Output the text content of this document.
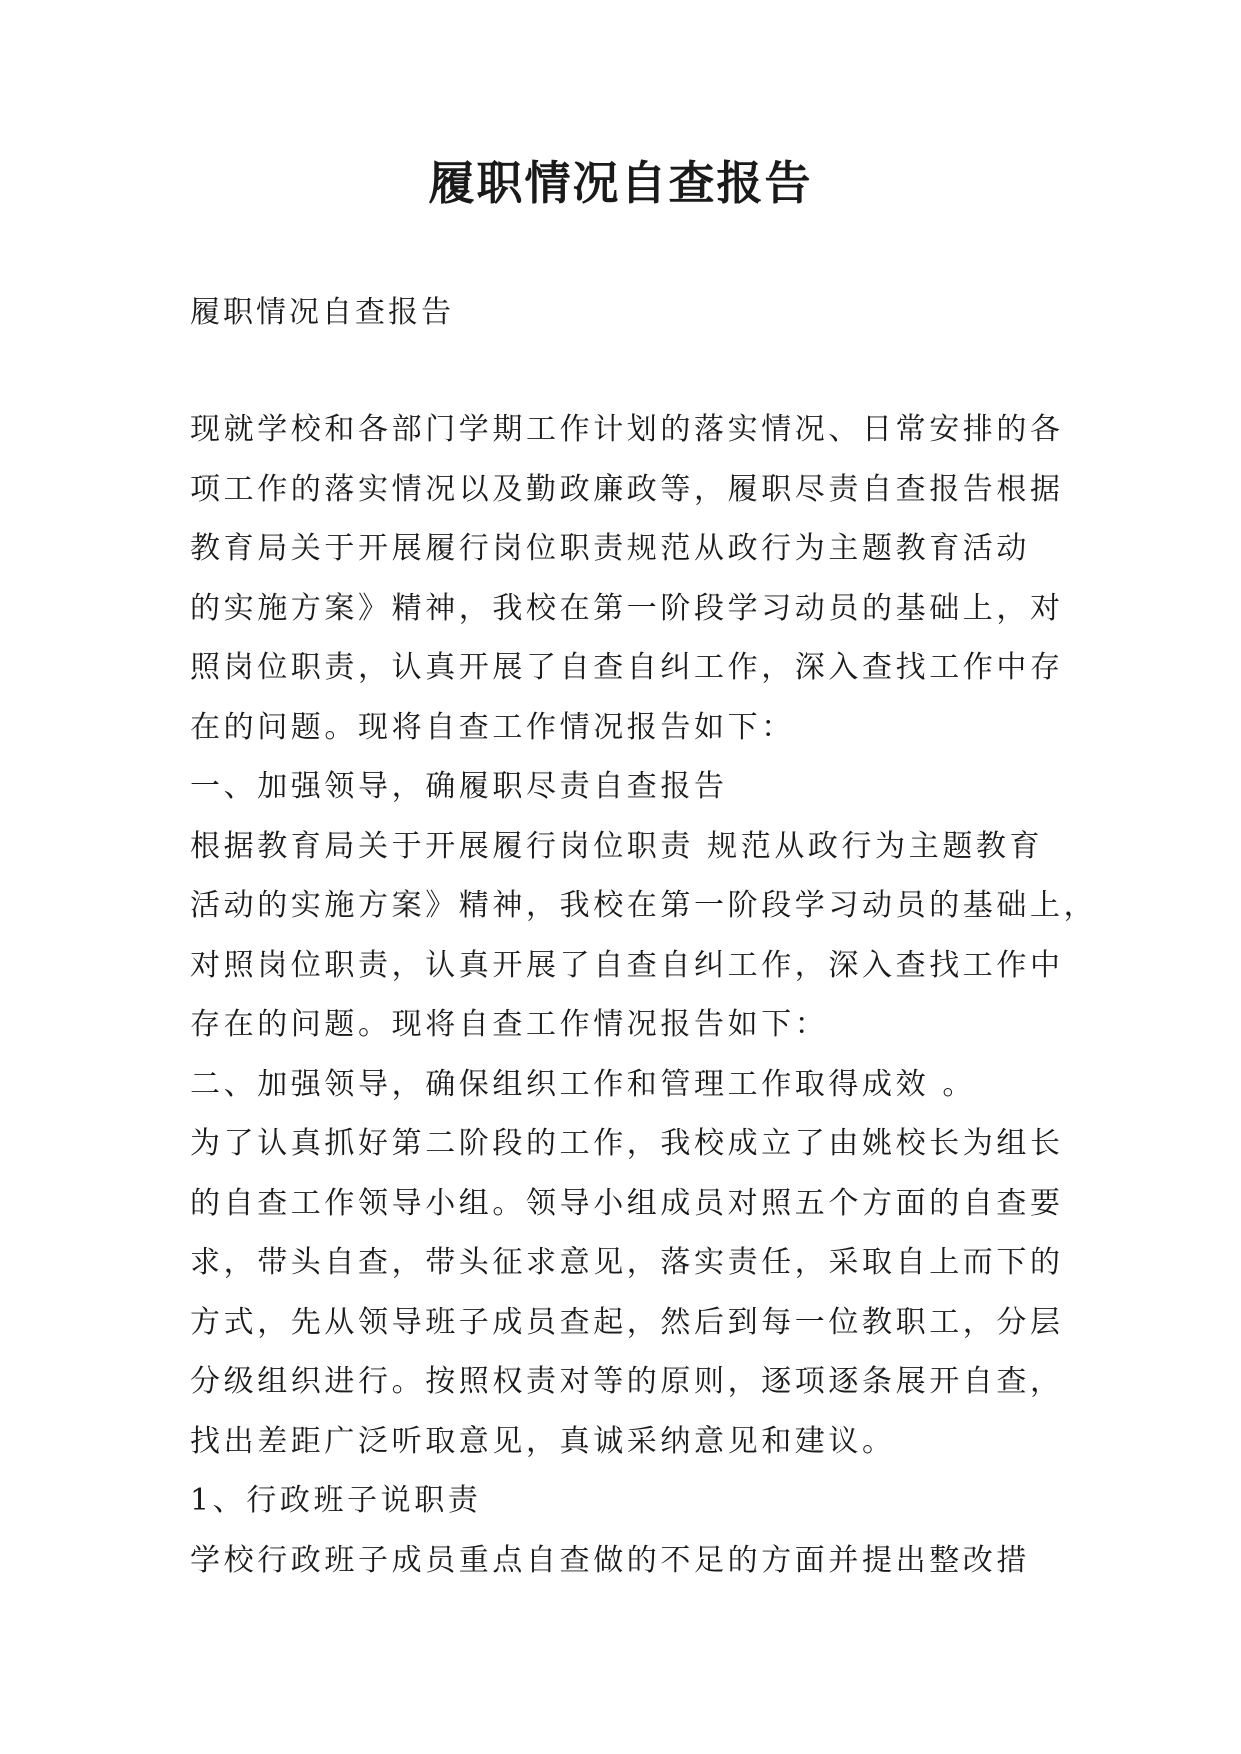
履职情况自查报告

履职情况自查报告

现就学校和各部门学期工作计划的落实情况、日常安排的各
项工作的落实情况以及勤政廉政等，履职尽责自查报告根据
教育局关于开展履行岗位职责规范从政行为主题教育活动
的实施方案》精神，我校在第一阶段学习动员的基础上，对
照岗位职责，认真开展了自查自纠工作，深入查找工作中存
在的问题。现将自查工作情况报告如下：
一、加强领导，确履职尽责自查报告
根据教育局关于开展履行岗位职责 规范从政行为主题教育
活动的实施方案》精神，我校在第一阶段学习动员的基础上，
对照岗位职责，认真开展了自查自纠工作，深入查找工作中
存在的问题。现将自查工作情况报告如下：
二、加强领导，确保组织工作和管理工作取得成效 。
为了认真抓好第二阶段的工作，我校成立了由姚校长为组长
的自查工作领导小组。领导小组成员对照五个方面的自查要
求，带头自查，带头征求意见，落实责任，采取自上而下的
方式，先从领导班子成员查起，然后到每一位教职工，分层
分级组织进行。按照权责对等的原则，逐项逐条展开自查，
找出差距广泛听取意见，真诚采纳意见和建议。
1、行政班子说职责
学校行政班子成员重点自查做的不足的方面并提出整改措
